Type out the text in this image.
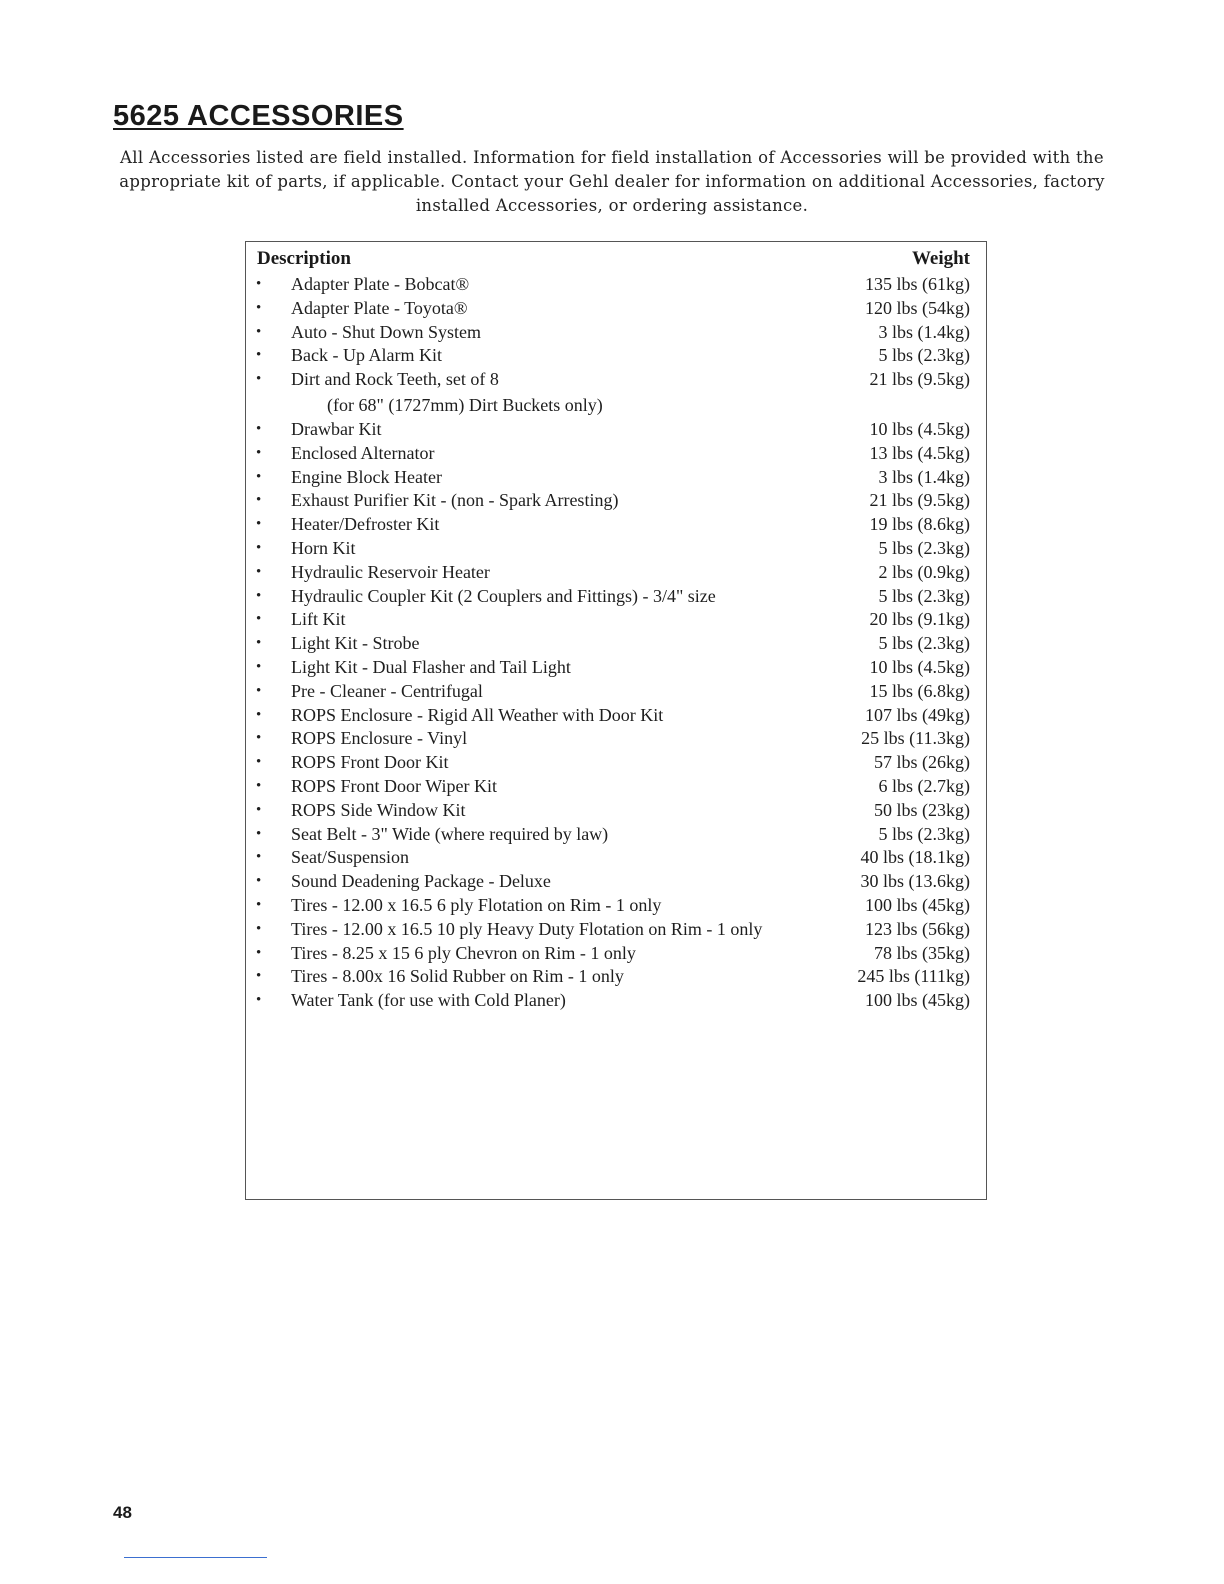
5625 ACCESSORIES

All Accessories listed are field installed. Information for field installation of Accessories will be provided with the appropriate kit of parts, if applicable. Contact your Gehl dealer for information on additional Accessories, factory installed Accessories, or ordering assistance.

Description	Weight
• Adapter Plate - Bobcat®	135 lbs (61kg)
• Adapter Plate - Toyota®	120 lbs (54kg)
• Auto - Shut Down System	3 lbs (1.4kg)
• Back - Up Alarm Kit	5 lbs (2.3kg)
• Dirt and Rock Teeth, set of 8	21 lbs (9.5kg)
(for 68" (1727mm) Dirt Buckets only)
• Drawbar Kit	10 lbs (4.5kg)
• Enclosed Alternator	13 lbs (4.5kg)
• Engine Block Heater	3 lbs (1.4kg)
• Exhaust Purifier Kit - (non - Spark Arresting)	21 lbs (9.5kg)
• Heater/Defroster Kit	19 lbs (8.6kg)
• Horn Kit	5 lbs (2.3kg)
• Hydraulic Reservoir Heater	2 lbs (0.9kg)
• Hydraulic Coupler Kit (2 Couplers and Fittings) - 3/4" size	5 lbs (2.3kg)
• Lift Kit	20 lbs (9.1kg)
• Light Kit - Strobe	5 lbs (2.3kg)
• Light Kit - Dual Flasher and Tail Light	10 lbs (4.5kg)
• Pre - Cleaner - Centrifugal	15 lbs (6.8kg)
• ROPS Enclosure - Rigid All Weather with Door Kit	107 lbs (49kg)
• ROPS Enclosure - Vinyl	25 lbs (11.3kg)
• ROPS Front Door Kit	57 lbs (26kg)
• ROPS Front Door Wiper Kit	6 lbs (2.7kg)
• ROPS Side Window Kit	50 lbs (23kg)
• Seat Belt - 3" Wide (where required by law)	5 lbs (2.3kg)
• Seat/Suspension	40 lbs (18.1kg)
• Sound Deadening Package - Deluxe	30 lbs (13.6kg)
• Tires - 12.00 x 16.5 6 ply Flotation on Rim - 1 only	100 lbs (45kg)
• Tires - 12.00 x 16.5 10 ply Heavy Duty Flotation on Rim - 1 only	123 lbs (56kg)
• Tires - 8.25 x 15 6 ply Chevron on Rim - 1 only	78 lbs (35kg)
• Tires - 8.00x 16 Solid Rubber on Rim - 1 only	245 lbs (111kg)
• Water Tank (for use with Cold Planer)	100 lbs (45kg)
48
